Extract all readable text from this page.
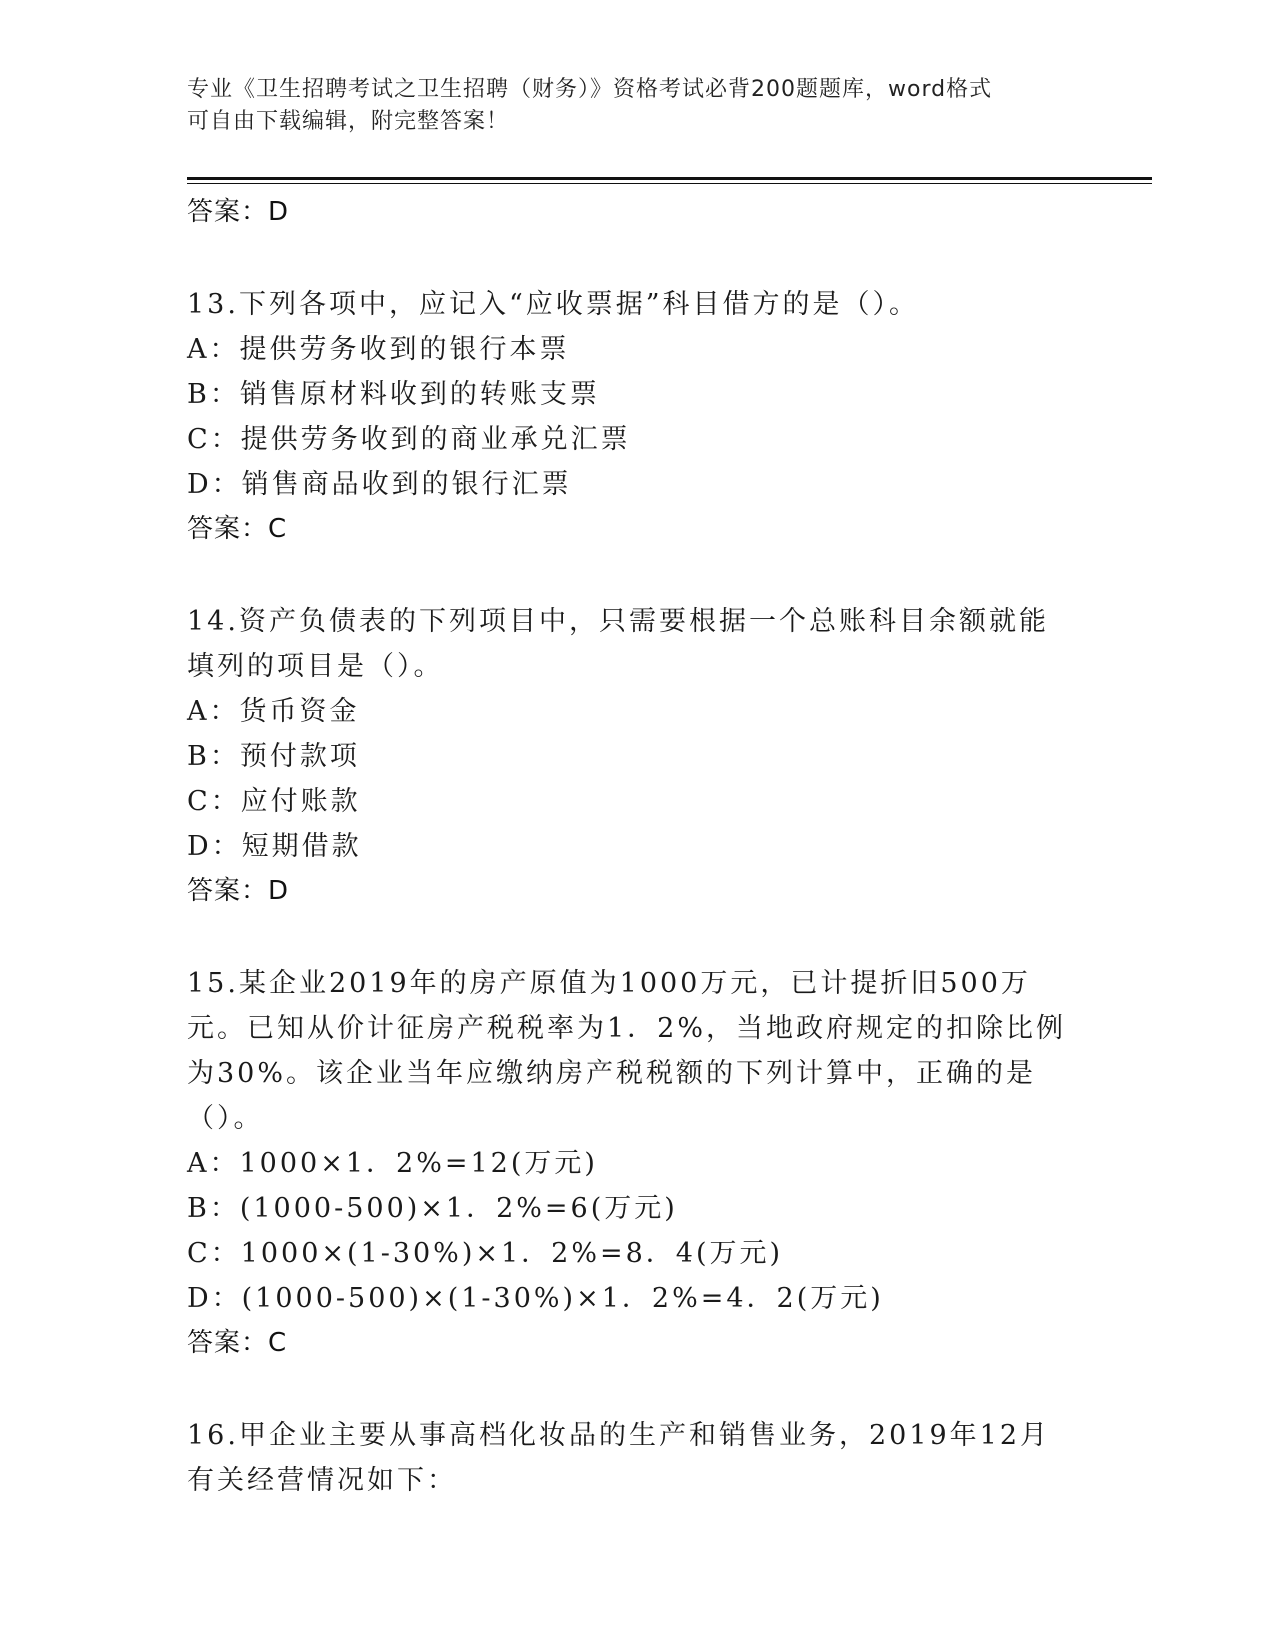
专业《卫生招聘考试之卫生招聘（财务）》资格考试必背200题题库，word格式
可自由下载编辑，附完整答案！
答案：D
13.下列各项中，应记入“应收票据”科目借方的是（）。
A：提供劳务收到的银行本票
B：销售原材料收到的转账支票
C：提供劳务收到的商业承兑汇票
D：销售商品收到的银行汇票
答案：C
14.资产负债表的下列项目中，只需要根据一个总账科目余额就能填列的项目是（）。
A：货币资金
B：预付款项
C：应付账款
D：短期借款
答案：D
15.某企业2019年的房产原值为1000万元，已计提折旧500万元。已知从价计征房产税税率为1．2%，当地政府规定的扣除比例为30%。该企业当年应缴纳房产税税额的下列计算中，正确的是（）。
A：1000×1．2%=12(万元)
B：(1000-500)×1．2%=6(万元)
C：1000×(1-30%)×1．2%=8．4(万元)
D：(1000-500)×(1-30%)×1．2%=4．2(万元)
答案：C
16.甲企业主要从事高档化妆品的生产和销售业务，2019年12月有关经营情况如下：
